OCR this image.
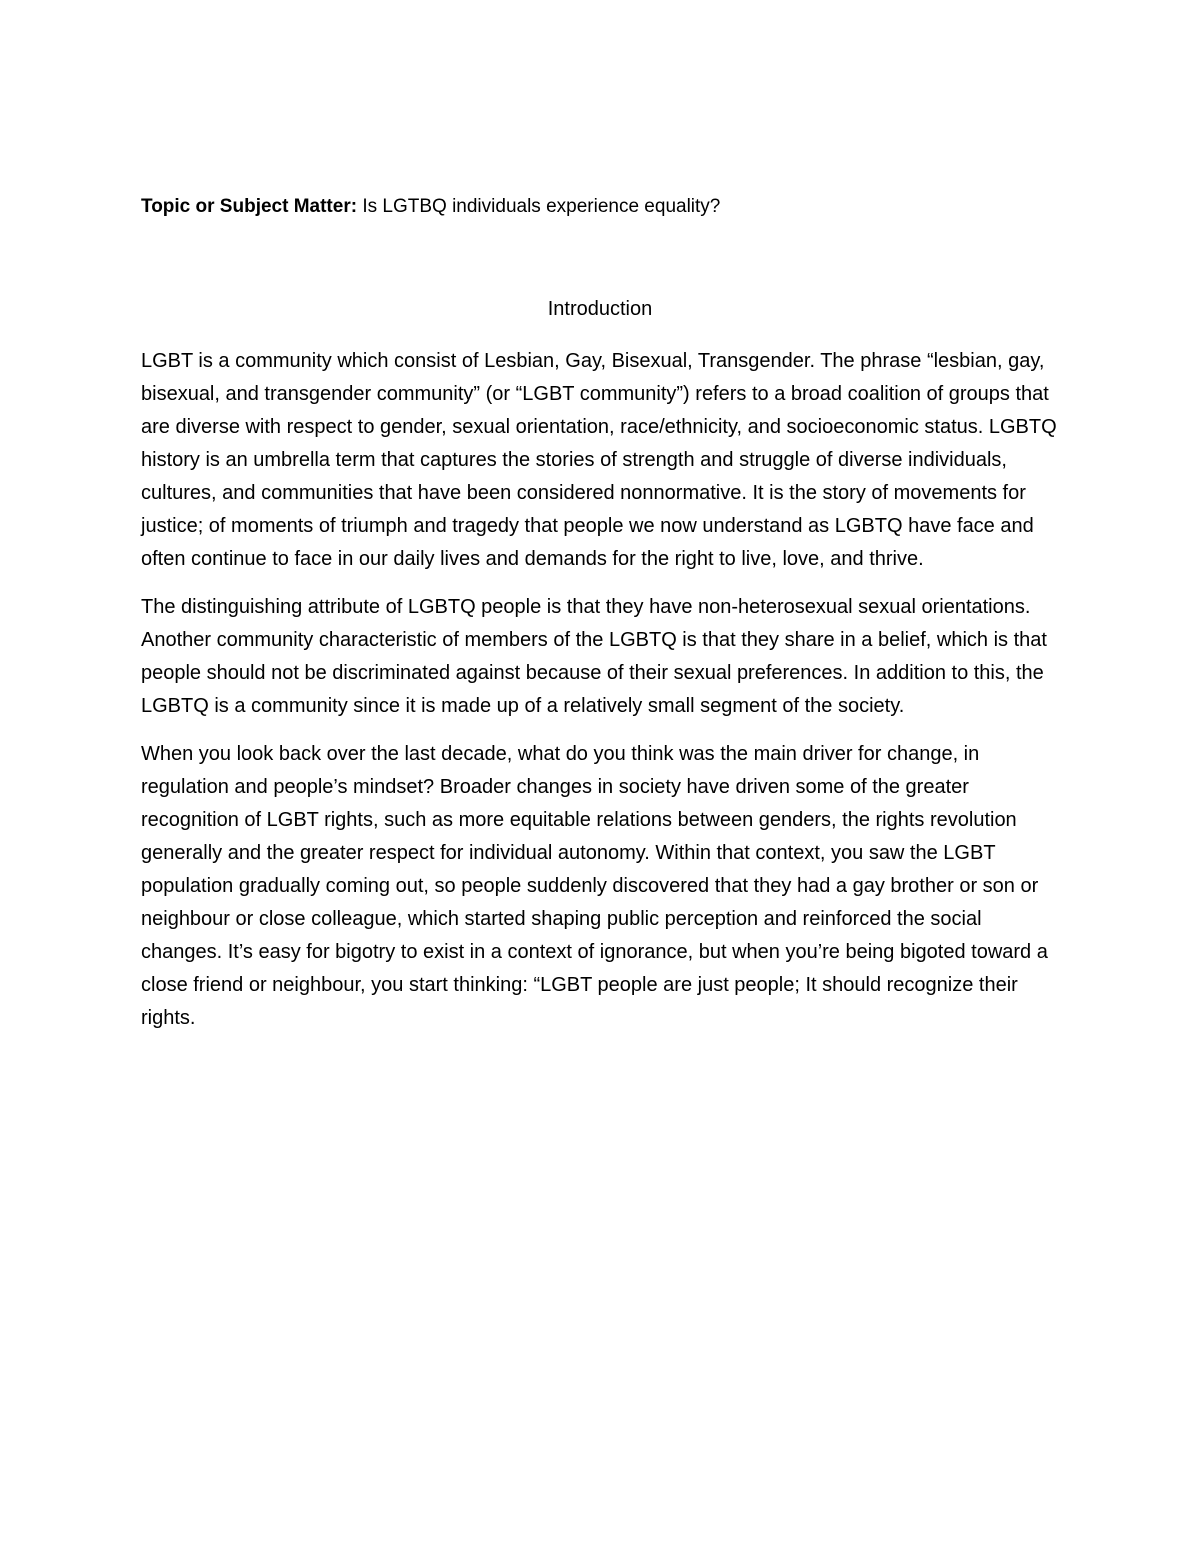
Topic or Subject Matter: Is LGTBQ individuals experience equality?
Introduction

LGBT is a community which consist of Lesbian, Gay, Bisexual, Transgender. The phrase “lesbian, gay, bisexual, and transgender community” (or “LGBT community”) refers to a broad coalition of groups that are diverse with respect to gender, sexual orientation, race/ethnicity, and socioeconomic status. LGBTQ history is an umbrella term that captures the stories of strength and struggle of diverse individuals, cultures, and communities that have been considered nonnormative. It is the story of movements for justice; of moments of triumph and tragedy that people we now understand as LGBTQ have face and often continue to face in our daily lives and demands for the right to live, love, and thrive.

The distinguishing attribute of LGBTQ people is that they have non-heterosexual sexual orientations. Another community characteristic of members of the LGBTQ is that they share in a belief, which is that people should not be discriminated against because of their sexual preferences. In addition to this, the LGBTQ is a community since it is made up of a relatively small segment of the society.

When you look back over the last decade, what do you think was the main driver for change, in regulation and people’s mindset? Broader changes in society have driven some of the greater recognition of LGBT rights, such as more equitable relations between genders, the rights revolution generally and the greater respect for individual autonomy. Within that context, you saw the LGBT population gradually coming out, so people suddenly discovered that they had a gay brother or son or neighbour or close colleague, which started shaping public perception and reinforced the social changes. It’s easy for bigotry to exist in a context of ignorance, but when you’re being bigoted toward a close friend or neighbour, you start thinking: “LGBT people are just people; It should recognize their rights.
